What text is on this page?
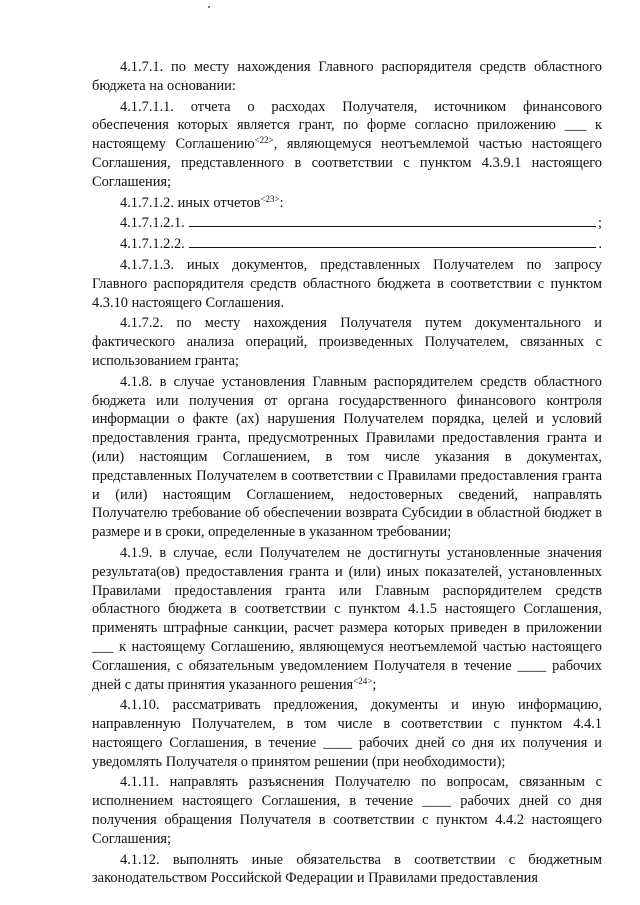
4.1.7.1. по месту нахождения Главного распорядителя средств областного бюджета на основании:

4.1.7.1.1. отчета о расходах Получателя, источником финансового обеспечения которых является грант, по форме согласно приложению ___ к настоящему Соглашению$^{<22>}$, являющемуся неотъемлемой частью настоящего Соглашения, представленного в соответствии с пунктом 4.3.9.1 настоящего Соглашения;

4.1.7.1.2. иных отчетов$^{<23>}$:

4.1.7.1.2.1.	;
4.1.7.1.2.2.	.

4.1.7.1.3. иных документов, представленных Получателем по запросу Главного распорядителя средств областного бюджета в соответствии с пунктом 4.3.10 настоящего Соглашения.

4.1.7.2. по месту нахождения Получателя путем документального и фактического анализа операций, произведенных Получателем, связанных с использованием гранта;

4.1.8. в случае установления Главным распорядителем средств областного бюджета или получения от органа государственного финансового контроля информации о факте (ах) нарушения Получателем порядка, целей и условий предоставления гранта, предусмотренных Правилами предоставления гранта и (или) настоящим Соглашением, в том числе указания в документах, представленных Получателем в соответствии с Правилами предоставления гранта и (или) настоящим Соглашением, недостоверных сведений, направлять Получателю требование об обеспечении возврата Субсидии в областной бюджет в размере и в сроки, определенные в указанном требовании;

4.1.9. в случае, если Получателем не достигнуты установленные значения результата(ов) предоставления гранта и (или) иных показателей, установленных Правилами предоставления гранта или Главным распорядителем средств областного бюджета в соответствии с пунктом 4.1.5 настоящего Соглашения, применять штрафные санкции, расчет размера которых приведен в приложении ___ к настоящему Соглашению, являющемуся неотъемлемой частью настоящего Соглашения, с обязательным уведомлением Получателя в течение ____ рабочих дней с даты принятия указанного решения$^{<24>}$;

4.1.10. рассматривать предложения, документы и иную информацию, направленную Получателем, в том числе в соответствии с пунктом 4.4.1 настоящего Соглашения, в течение ____ рабочих дней со дня их получения и уведомлять Получателя о принятом решении (при необходимости);

4.1.11. направлять разъяснения Получателю по вопросам, связанным с исполнением настоящего Соглашения, в течение ____ рабочих дней со дня получения обращения Получателя в соответствии с пунктом 4.4.2 настоящего Соглашения;

4.1.12. выполнять иные обязательства в соответствии с бюджетным законодательством Российской Федерации и Правилами предоставления
